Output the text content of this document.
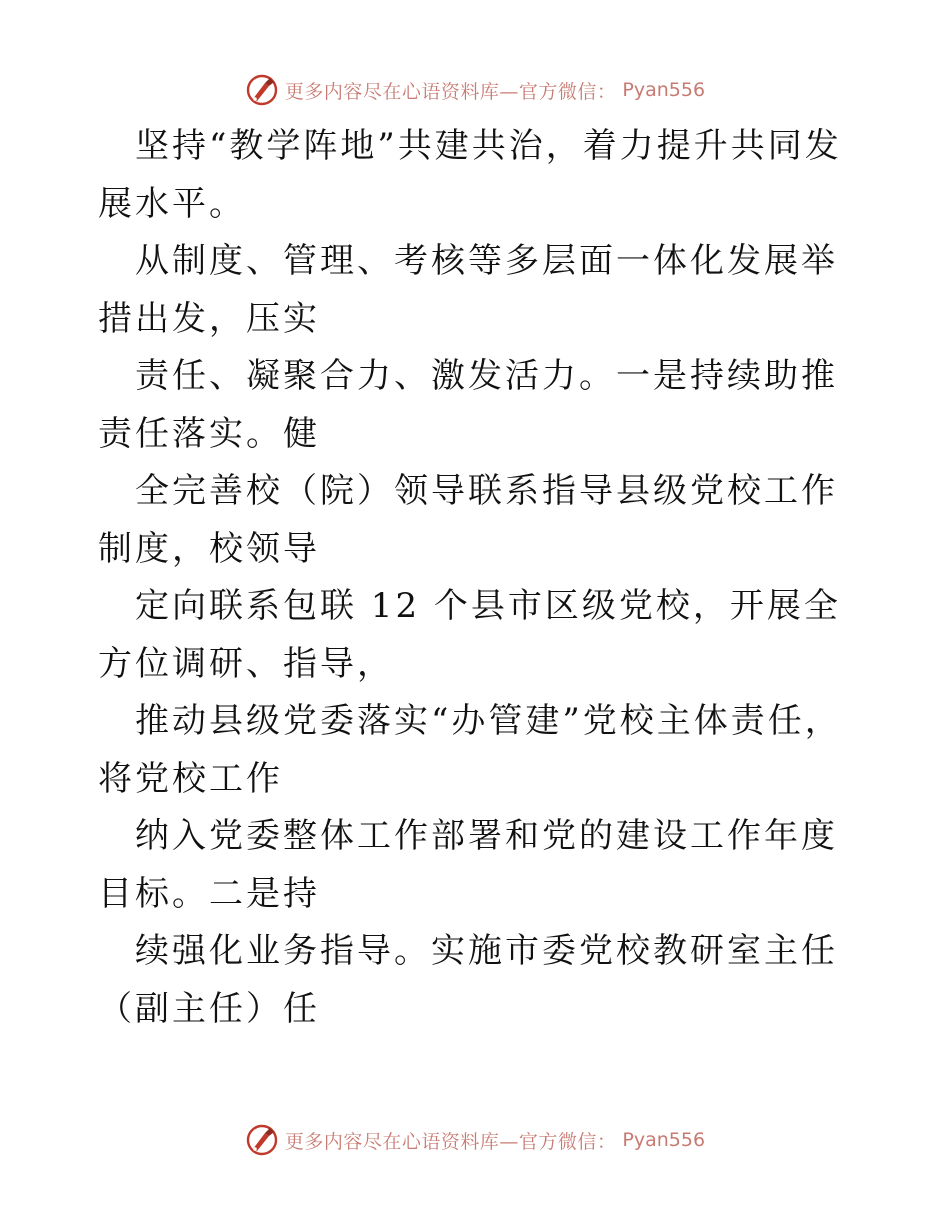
更多内容尽在心语资料库—官方微信： Pyan556

坚持“教学阵地”共建共治，着力提升共同发展水平。

从制度、管理、考核等多层面一体化发展举措出发，压实

责任、凝聚合力、激发活力。一是持续助推责任落实。健

全完善校（院）领导联系指导县级党校工作制度，校领导

定向联系包联 12 个县市区级党校，开展全方位调研、指导，

推动县级党委落实“办管建”党校主体责任，将党校工作

纳入党委整体工作部署和党的建设工作年度目标。二是持

续强化业务指导。实施市委党校教研室主任（副主任）任

更多内容尽在心语资料库—官方微信： Pyan556
